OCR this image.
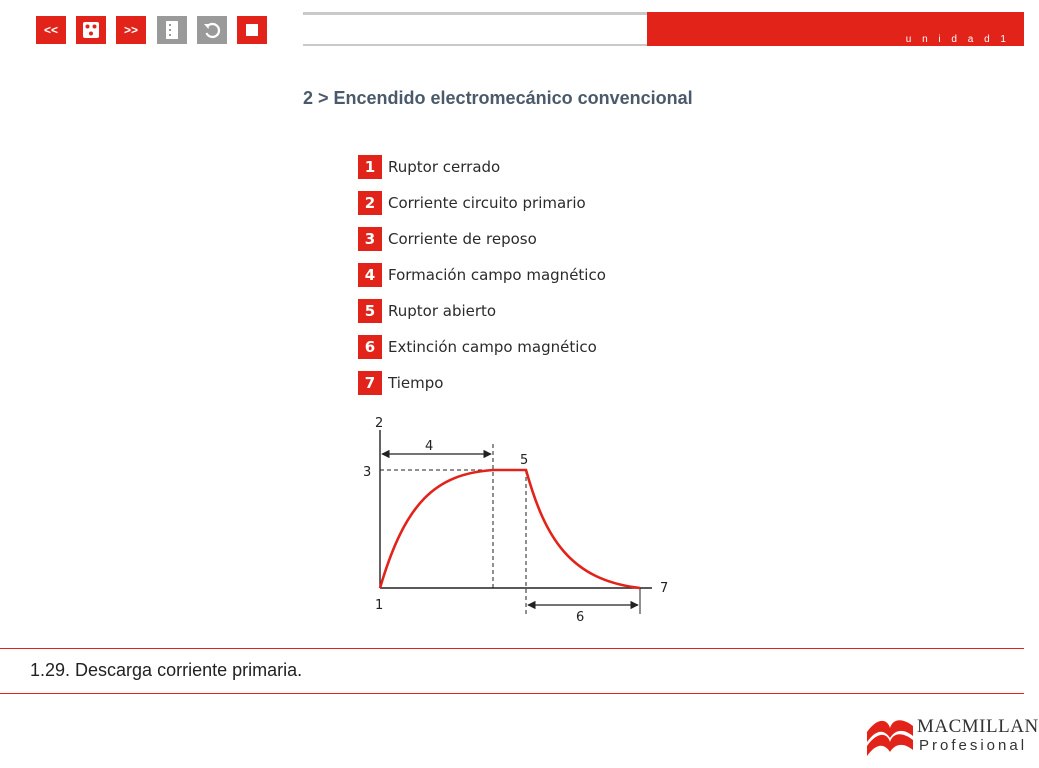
<<	>>
u n i d a d 1
2 > Encendido electromecánico convencional
1 Ruptor cerrado
2 Corriente circuito primario
3 Corriente de reposo
4 Formación campo magnético
5 Ruptor abierto
6 Extinción campo magnético
7 Tiempo
2
3
4
5
1
6
7
1.29. Descarga corriente primaria.
MACMILLAN
Profesional
